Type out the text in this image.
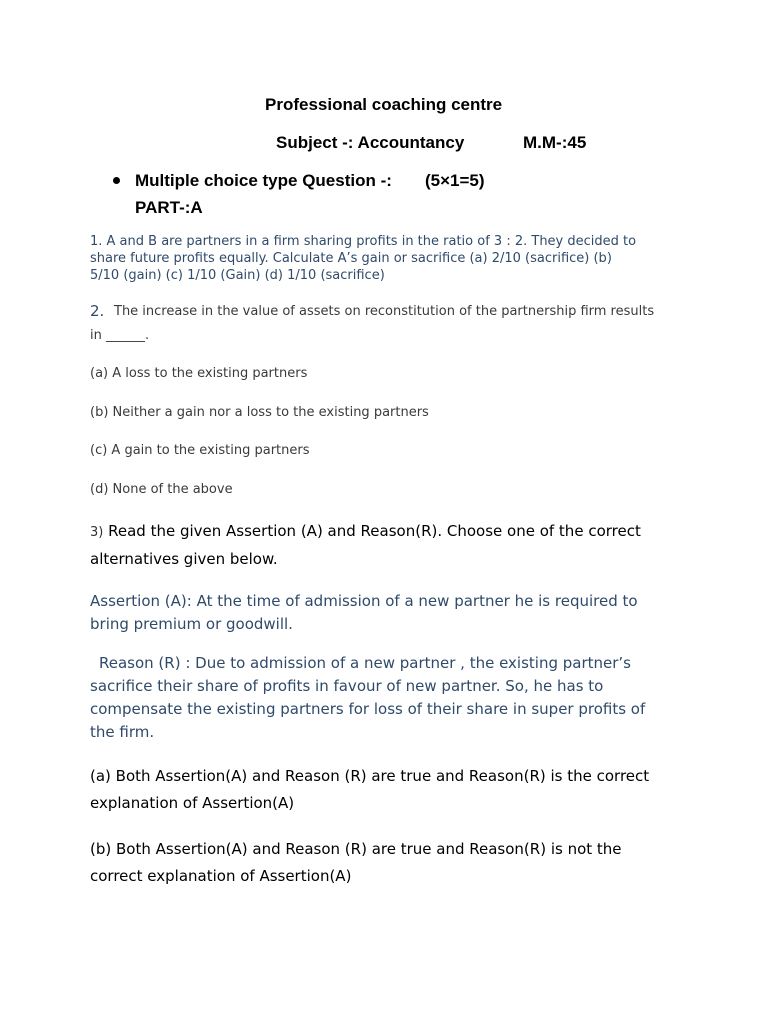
Professional coaching centre
Subject -: Accountancy	M.M-:45
Multiple choice type Question -: (5×1=5)
PART-:A
1. A and B are partners in a firm sharing profits in the ratio of 3 : 2. They decided to
share future profits equally. Calculate A’s gain or sacrifice (a) 2/10 (sacrifice) (b)
5/10 (gain) (c) 1/10 (Gain) (d) 1/10 (sacrifice)
2. The increase in the value of assets on reconstitution of the partnership firm results
in ______.
(a) A loss to the existing partners
(b) Neither a gain nor a loss to the existing partners
(c) A gain to the existing partners
(d) None of the above
3) Read the given Assertion (A) and Reason(R). Choose one of the correct alternatives given below.
Assertion (A): At the time of admission of a new partner he is required to bring premium or goodwill.
Reason (R) : Due to admission of a new partner , the existing partner’s sacrifice their share of profits in favour of new partner. So, he has to compensate the existing partners for loss of their share in super profits of the firm.
(a) Both Assertion(A) and Reason (R) are true and Reason(R) is the correct explanation of Assertion(A)
(b) Both Assertion(A) and Reason (R) are true and Reason(R) is not the correct explanation of Assertion(A)
